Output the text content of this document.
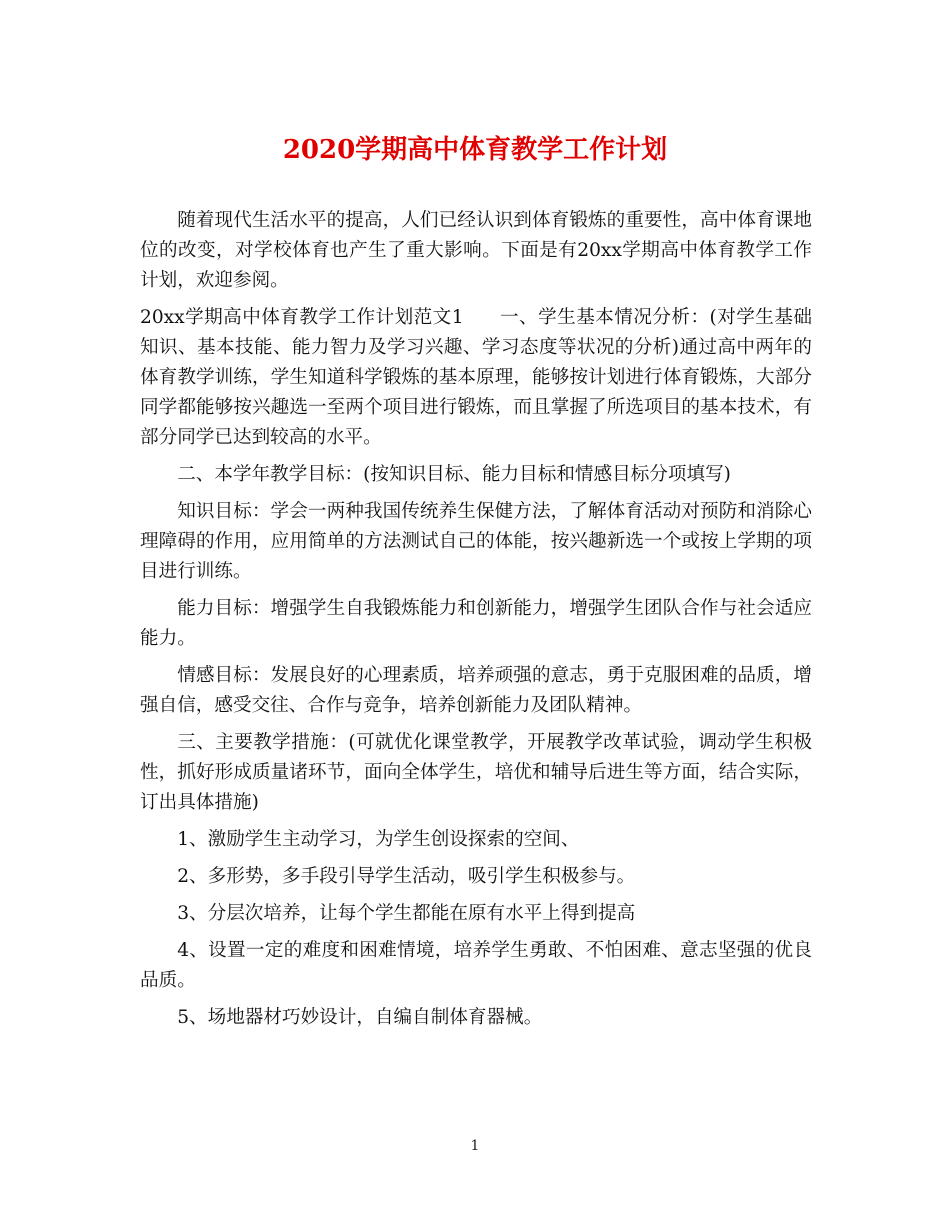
2020学期高中体育教学工作计划

随着现代生活水平的提高，人们已经认识到体育锻炼的重要性，高中体育课地位的改变，对学校体育也产生了重大影响。下面是有20xx学期高中体育教学工作计划，欢迎参阅。

20xx学期高中体育教学工作计划范文1 一、学生基本情况分析：(对学生基础知识、基本技能、能力智力及学习兴趣、学习态度等状况的分析)通过高中两年的体育教学训练，学生知道科学锻炼的基本原理，能够按计划进行体育锻炼，大部分同学都能够按兴趣选一至两个项目进行锻炼，而且掌握了所选项目的基本技术，有部分同学已达到较高的水平。

二、本学年教学目标：(按知识目标、能力目标和情感目标分项填写)

知识目标：学会一两种我国传统养生保健方法，了解体育活动对预防和消除心理障碍的作用，应用简单的方法测试自己的体能，按兴趣新选一个或按上学期的项目进行训练。

能力目标：增强学生自我锻炼能力和创新能力，增强学生团队合作与社会适应能力。

情感目标：发展良好的心理素质，培养顽强的意志，勇于克服困难的品质，增强自信，感受交往、合作与竞争，培养创新能力及团队精神。

三、主要教学措施：(可就优化课堂教学，开展教学改革试验，调动学生积极性，抓好形成质量诸环节，面向全体学生，培优和辅导后进生等方面，结合实际，订出具体措施)

1、激励学生主动学习，为学生创设探索的空间、

2、多形势，多手段引导学生活动，吸引学生积极参与。

3、分层次培养，让每个学生都能在原有水平上得到提高

4、设置一定的难度和困难情境，培养学生勇敢、不怕困难、意志坚强的优良品质。

5、场地器材巧妙设计，自编自制体育器械。

1
